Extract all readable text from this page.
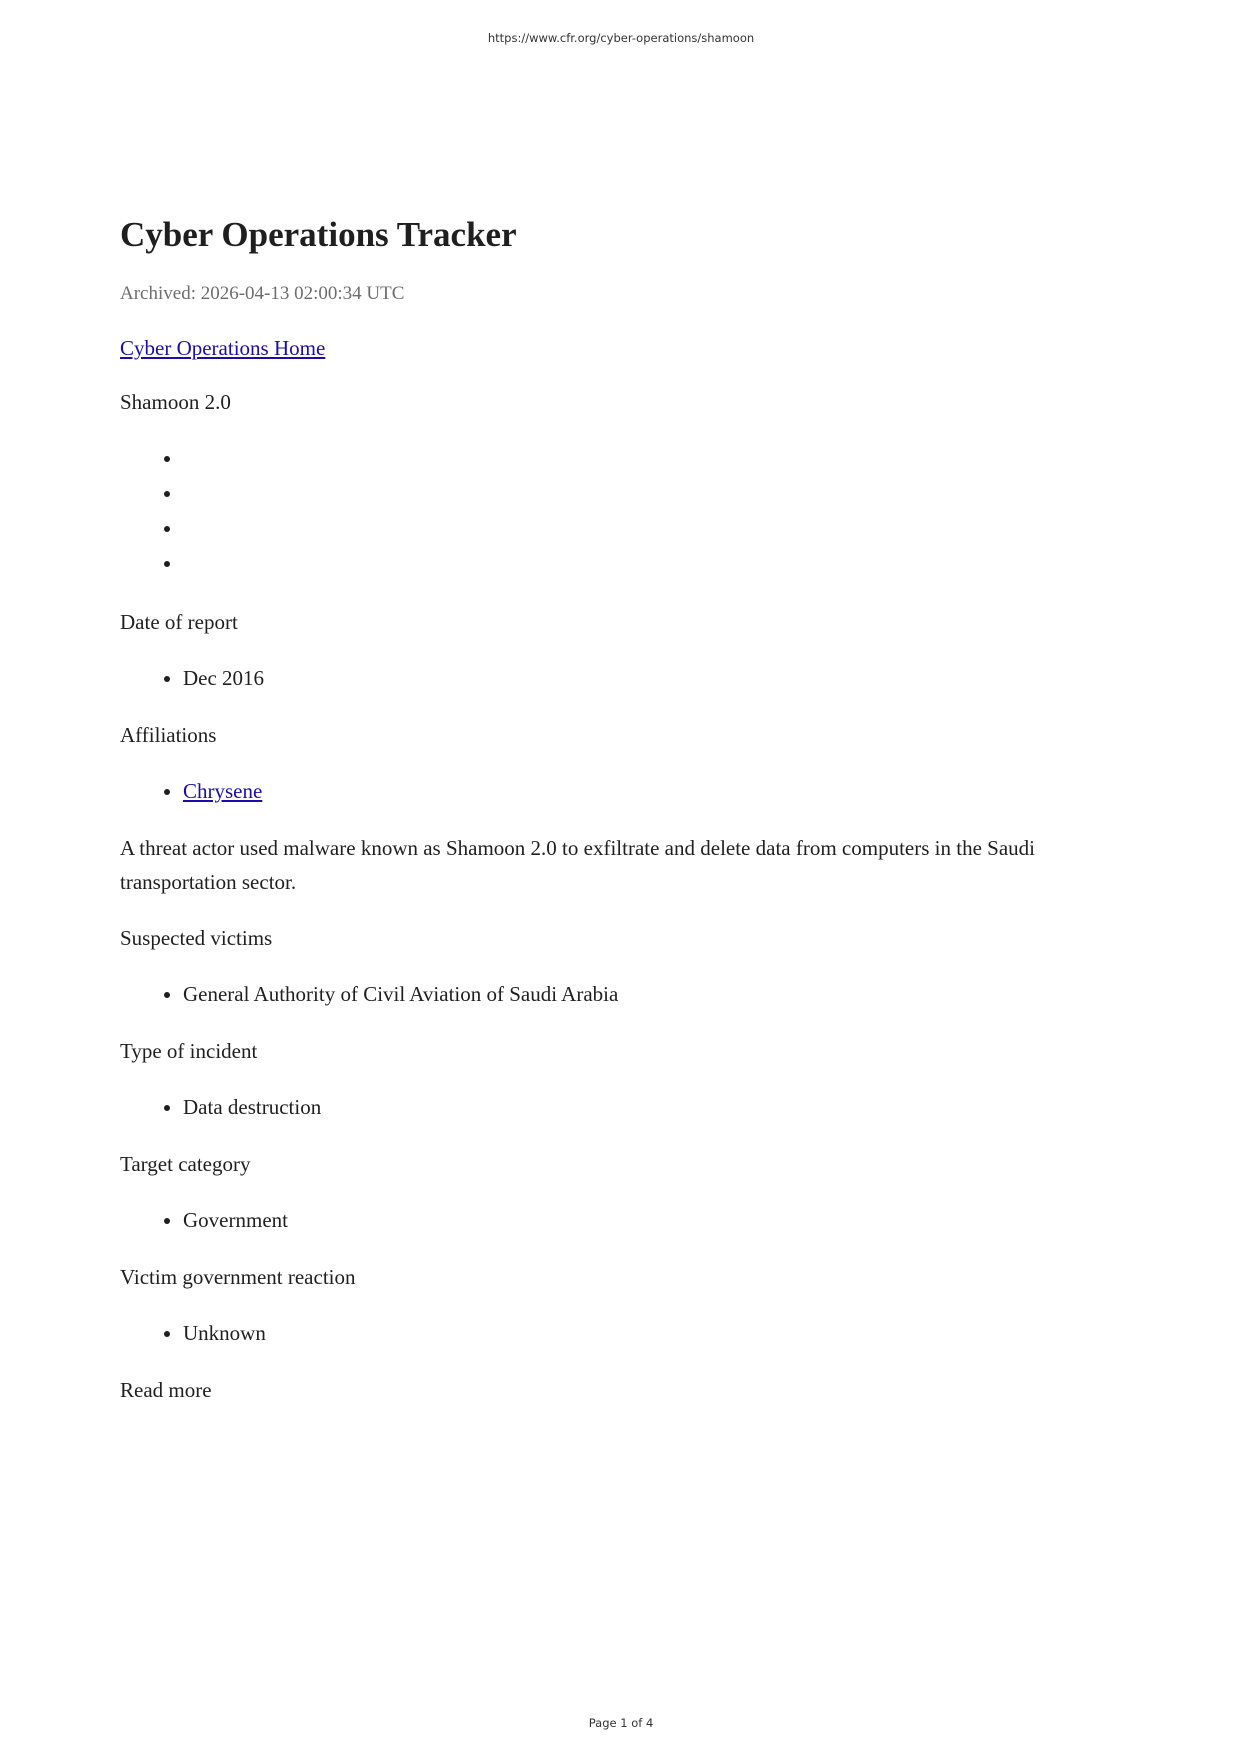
https://www.cfr.org/cyber-operations/shamoon
Cyber Operations Tracker
Archived: 2026-04-13 02:00:34 UTC
Cyber Operations Home

Shamoon 2.0

•
•
•
•

Date of report

• Dec 2016

Affiliations

• Chrysene

A threat actor used malware known as Shamoon 2.0 to exfiltrate and delete data from computers in the Saudi transportation sector.

Suspected victims

• General Authority of Civil Aviation of Saudi Arabia

Type of incident

• Data destruction

Target category

• Government

Victim government reaction

• Unknown

Read more

Page 1 of 4
